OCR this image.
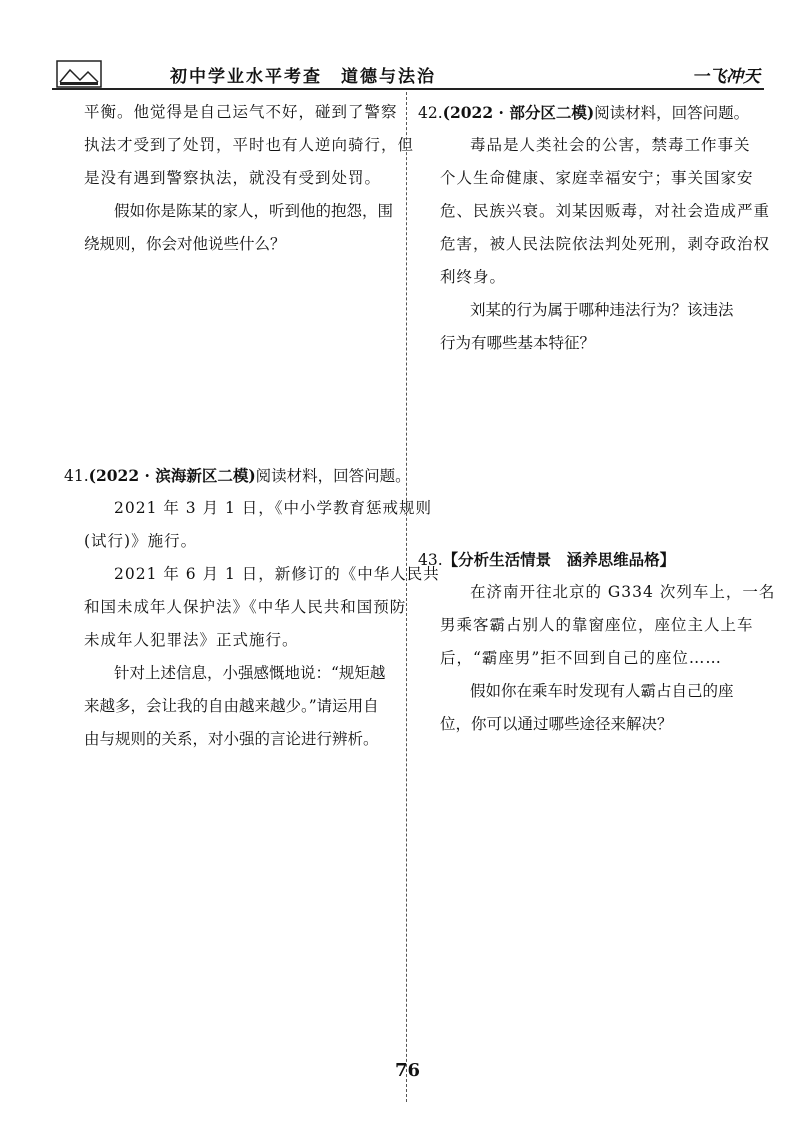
初中学业水平考查　道德与法治	一飞冲天
平衡。他觉得是自己运气不好，碰到了警察
执法才受到了处罚，平时也有人逆向骑行，但
是没有遇到警察执法，就没有受到处罚。
假如你是陈某的家人，听到他的抱怨，围
绕规则，你会对他说些什么？
41.(2022 · 滨海新区二模)阅读材料，回答问题。
2021 年 3 月 1 日，《中小学教育惩戒规则
(试行)》施行。
2021 年 6 月 1 日，新修订的《中华人民共
和国未成年人保护法》《中华人民共和国预防
未成年人犯罪法》正式施行。
针对上述信息，小强感慨地说：“规矩越
来越多，会让我的自由越来越少。”请运用自
由与规则的关系，对小强的言论进行辨析。
42.(2022 · 部分区二模)阅读材料，回答问题。
毒品是人类社会的公害，禁毒工作事关
个人生命健康、家庭幸福安宁；事关国家安
危、民族兴衰。刘某因贩毒，对社会造成严重
危害，被人民法院依法判处死刑，剥夺政治权
利终身。
刘某的行为属于哪种违法行为？该违法
行为有哪些基本特征？
43.【分析生活情景　涵养思维品格】
在济南开往北京的 G334 次列车上，一名
男乘客霸占别人的靠窗座位，座位主人上车
后，“霸座男”拒不回到自己的座位……
假如你在乘车时发现有人霸占自己的座
位，你可以通过哪些途径来解决？
76
